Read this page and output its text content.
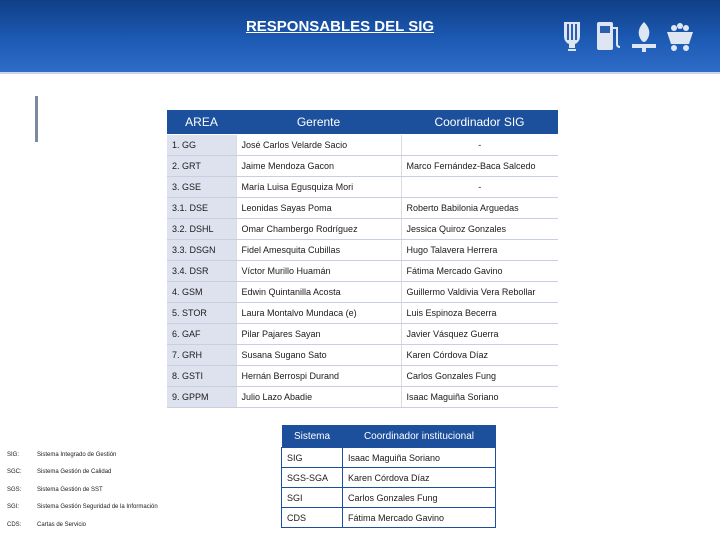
RESPONSABLES DEL SIG
AREA	Gerente	Coordinador SIG
1. GG	José Carlos Velarde Sacio	-
2. GRT	Jaime Mendoza Gacon	Marco Fernández-Baca Salcedo
3. GSE	María Luisa Egusquiza Mori	-
3.1. DSE	Leonidas Sayas Poma	Roberto Babilonia Arguedas
3.2. DSHL	Omar Chambergo Rodríguez	Jessica Quiroz Gonzales
3.3. DSGN	Fidel Amesquita Cubillas	Hugo Talavera Herrera
3.4. DSR	Víctor Murillo Huamán	Fátima Mercado Gavino
4. GSM	Edwin Quintanilla Acosta	Guillermo Valdivia Vera Rebollar
5. STOR	Laura Montalvo Mundaca (e)	Luis Espinoza Becerra
6. GAF	Pilar Pajares Sayan	Javier Vásquez Guerra
7. GRH	Susana Sugano Sato	Karen Córdova Díaz
8. GSTI	Hernán Berrospi Durand	Carlos Gonzales Fung
9. GPPM	Julio Lazo Abadie	Isaac Maguiña Soriano
SIG:	Sistema Integrado de Gestión
SGC:	Sistema Gestión de Calidad
SGS:	Sistema Gestión de SST
SGI:	Sistema Gestión Seguridad de la Información
CDS:	Cartas de Servicio
Sistema	Coordinador institucional
SIG	Isaac Maguiña Soriano
SGS-SGA	Karen Córdova Díaz
SGI	Carlos Gonzales Fung
CDS	Fátima Mercado Gavino
